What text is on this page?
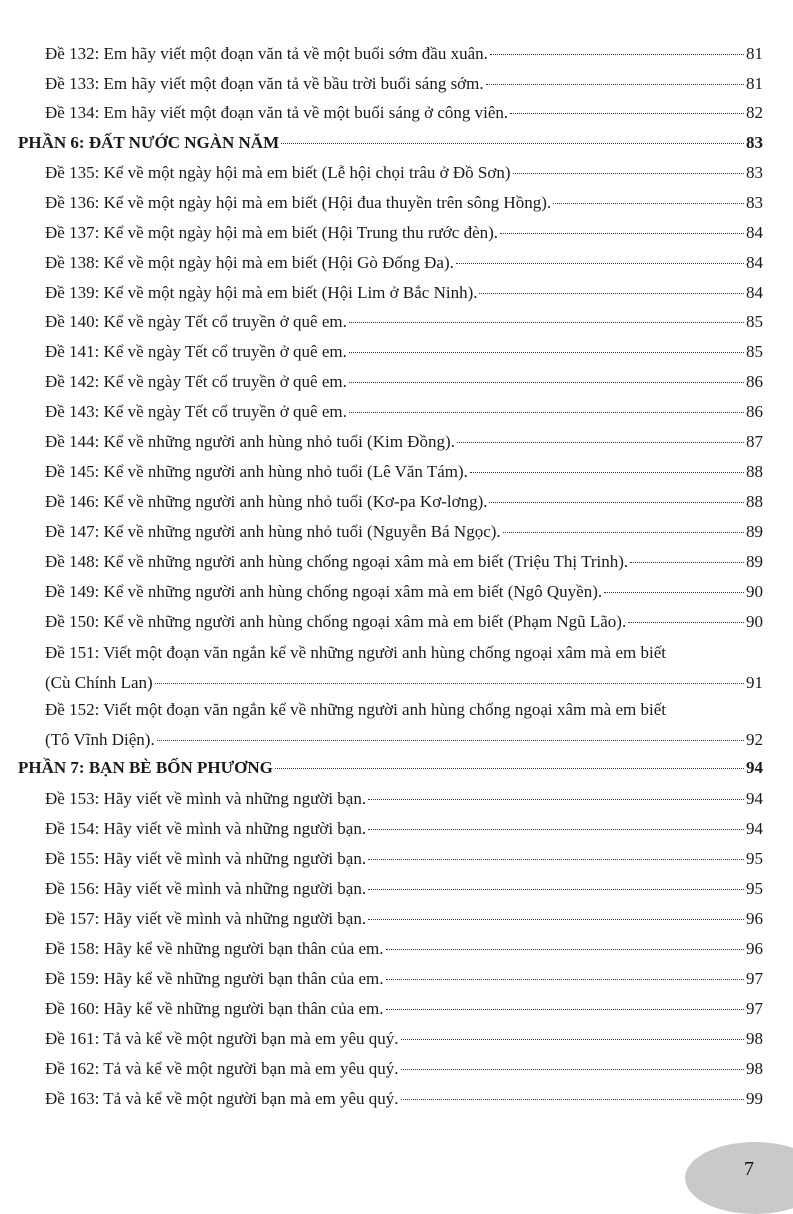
Đề 132: Em hãy viết một đoạn văn tả về một buổi sớm đầu xuân.	81
Đề 133: Em hãy viết một đoạn văn tả về bầu trời buổi sáng sớm.	81
Đề 134: Em hãy viết một đoạn văn tả về một buổi sáng ở công viên.	82
PHẦN 6: ĐẤT NƯỚC NGÀN NĂM	83
Đề 135: Kể về một ngày hội mà em biết (Lễ hội chọi trâu ở Đồ Sơn)	83
Đề 136: Kể về một ngày hội mà em biết (Hội đua thuyền trên sông Hồng).	83
Đề 137: Kể về một ngày hội mà em biết (Hội Trung thu rước đèn).	84
Đề 138: Kể về một ngày hội mà em biết (Hội Gò Đống Đa).	84
Đề 139: Kể về một ngày hội mà em biết (Hội Lim ở Bắc Ninh).	84
Đề 140: Kể về ngày Tết cổ truyền ở quê em.	85
Đề 141: Kể về ngày Tết cổ truyền ở quê em.	85
Đề 142: Kể về ngày Tết cổ truyền ở quê em.	86
Đề 143: Kể về ngày Tết cổ truyền ở quê em.	86
Đề 144: Kể về những người anh hùng nhỏ tuổi (Kim Đồng).	87
Đề 145: Kể về những người anh hùng nhỏ tuổi (Lê Văn Tám).	88
Đề 146: Kể về những người anh hùng nhỏ tuổi (Kơ-pa Kơ-lơng).	88
Đề 147: Kể về những người anh hùng nhỏ tuổi (Nguyễn Bá Ngọc).	89
Đề 148: Kể về những người anh hùng chống ngoại xâm mà em biết (Triệu Thị Trinh).	89
Đề 149: Kể về những người anh hùng chống ngoại xâm mà em biết (Ngô Quyền).	90
Đề 150: Kể về những người anh hùng chống ngoại xâm mà em biết (Phạm Ngũ Lão).	90
Đề 151: Viết một đoạn văn ngắn kể về những người anh hùng chống ngoại xâm mà em biết
(Cù Chính Lan)	91
Đề 152: Viết một đoạn văn ngắn kể về những người anh hùng chống ngoại xâm mà em biết
(Tô Vĩnh Diện).	92
PHẦN 7: BẠN BÈ BỐN PHƯƠNG	94
Đề 153: Hãy viết về mình và những người bạn.	94
Đề 154: Hãy viết về mình và những người bạn.	94
Đề 155: Hãy viết về mình và những người bạn.	95
Đề 156: Hãy viết về mình và những người bạn.	95
Đề 157: Hãy viết về mình và những người bạn.	96
Đề 158: Hãy kể về những người bạn thân của em.	96
Đề 159: Hãy kể về những người bạn thân của em.	97
Đề 160: Hãy kể về những người bạn thân của em.	97
Đề 161: Tả và kể về một người bạn mà em yêu quý.	98
Đề 162: Tả và kể về một người bạn mà em yêu quý.	98
Đề 163: Tả và kể về một người bạn mà em yêu quý.	99
7
